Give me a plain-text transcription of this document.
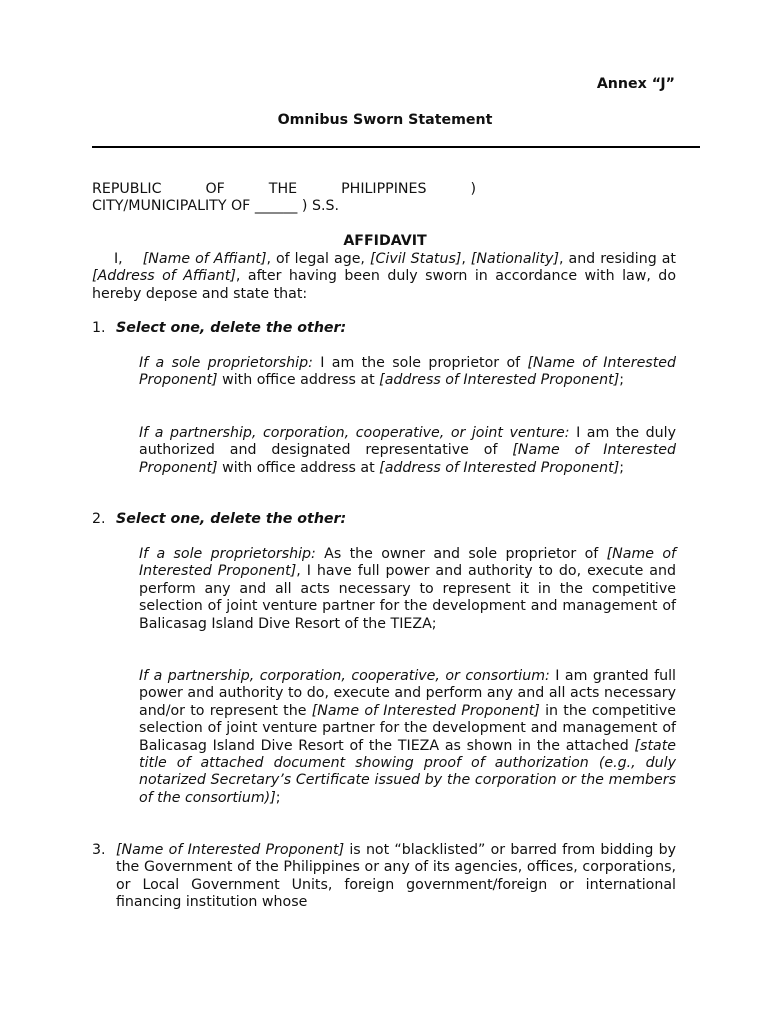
Annex “J”
Omnibus Sworn Statement
REPUBLIC	OF	THE	PHILIPPINES	)
CITY/MUNICIPALITY OF ______ ) S.S.
AFFIDAVIT

I,    [Name of Affiant], of legal age, [Civil Status], [Nationality], and residing at [Address of Affiant], after having been duly sworn in accordance with law, do hereby depose and state that:

1. Select one, delete the other:

If a sole proprietorship: I am the sole proprietor of [Name of Interested Proponent] with office address at [address of Interested Proponent];

If a partnership, corporation, cooperative, or joint venture: I am the duly authorized and designated representative of [Name of Interested Proponent] with office address at [address of Interested Proponent];

2. Select one, delete the other:

If a sole proprietorship: As the owner and sole proprietor of [Name of Interested Proponent], I have full power and authority to do, execute and perform any and all acts necessary to represent it in the competitive selection of joint venture partner for the development and management of Balicasag Island Dive Resort of the TIEZA;

If a partnership, corporation, cooperative, or consortium: I am granted full power and authority to do, execute and perform any and all acts necessary and/or to represent the [Name of Interested Proponent] in the competitive selection of joint venture partner for the development and management of Balicasag Island Dive Resort of the TIEZA as shown in the attached [state title of attached document showing proof of authorization (e.g., duly notarized Secretary’s Certificate issued by the corporation or the members of the consortium)];

3. [Name of Interested Proponent] is not “blacklisted” or barred from bidding by the Government of the Philippines or any of its agencies, offices, corporations, or Local Government Units, foreign government/foreign or international financing institution whose
